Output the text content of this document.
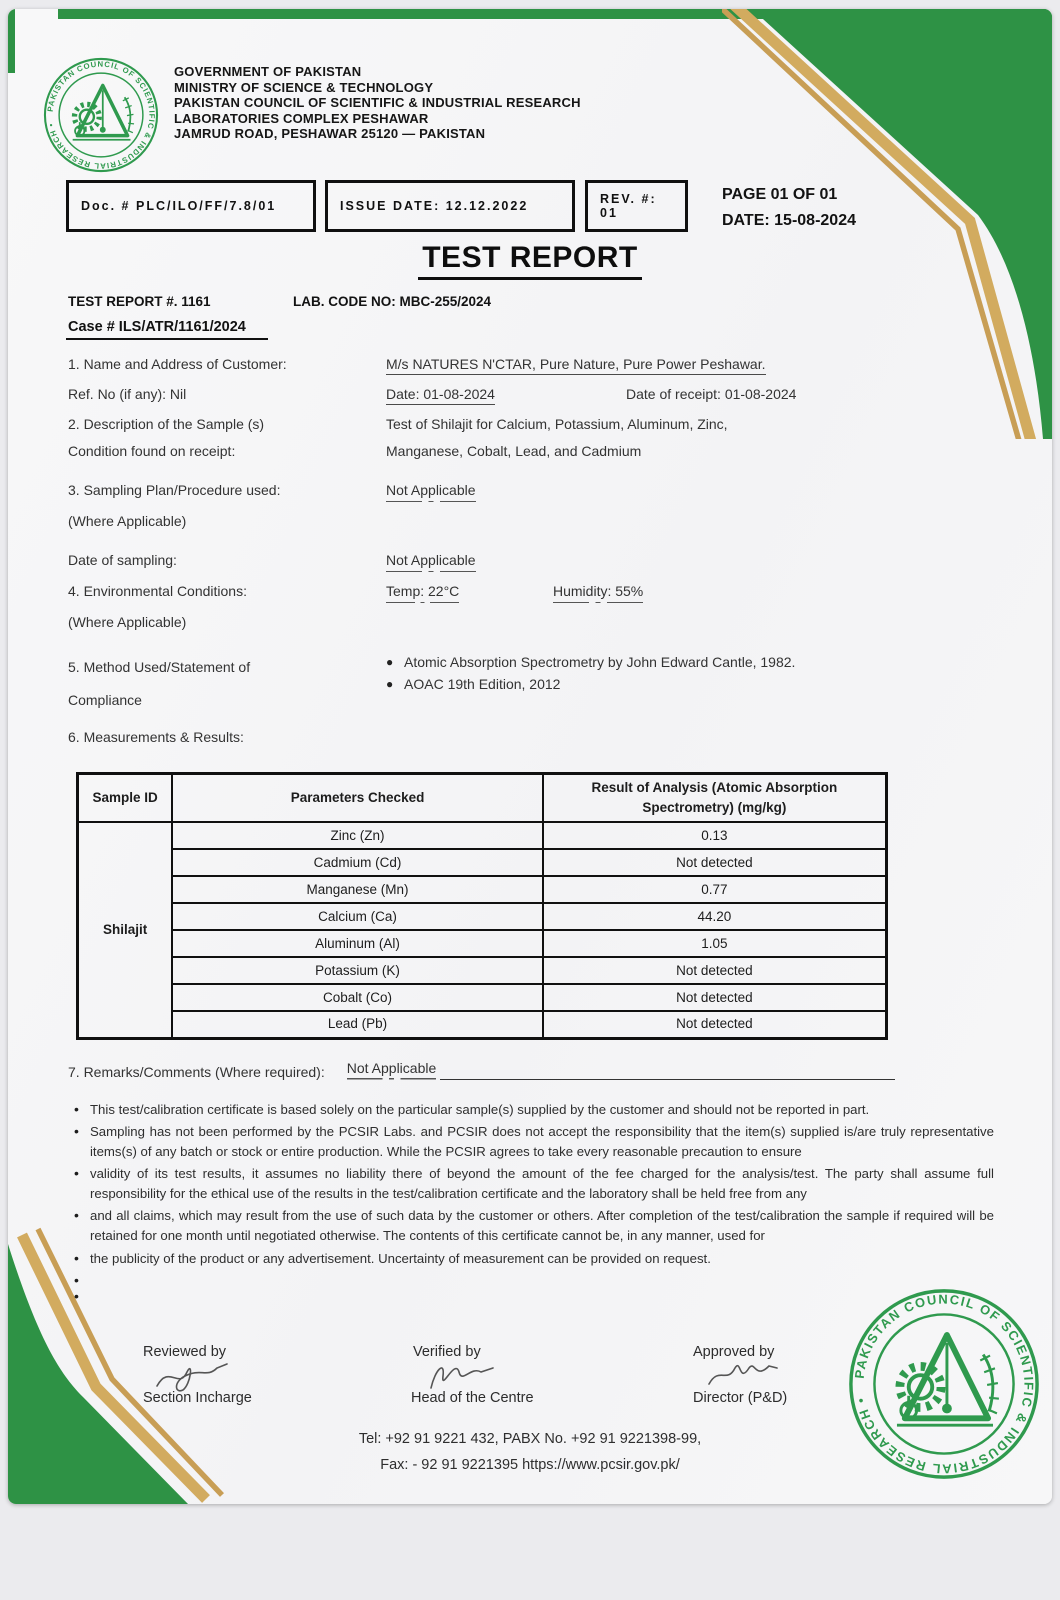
PAKISTAN COUNCIL OF SCIENTIFIC & INDUSTRIAL RESEARCH •
GOVERNMENT OF PAKISTAN
MINISTRY OF SCIENCE & TECHNOLOGY
PAKISTAN COUNCIL OF SCIENTIFIC & INDUSTRIAL RESEARCH
LABORATORIES COMPLEX PESHAWAR
JAMRUD ROAD, PESHAWAR 25120 — PAKISTAN
Doc. # PLC/ILO/FF/7.8/01	ISSUE DATE: 12.12.2022	REV. #: 01
PAGE 01 OF 01
DATE: 15-08-2024
TEST REPORT
TEST REPORT #. 1161	LAB. CODE NO: MBC-255/2024
Case # ILS/ATR/1161/2024
1. Name and Address of Customer:	M/s NATURES N'CTAR, Pure Nature, Pure Power Peshawar.
Ref. No (if any): Nil	Date: 01-08-2024	Date of receipt: 01-08-2024
2. Description of the Sample (s)	Test of Shilajit for Calcium, Potassium, Aluminum, Zinc,
Condition found on receipt:	Manganese, Cobalt, Lead, and Cadmium
3. Sampling Plan/Procedure used:	Not Applicable
(Where Applicable)
Date of sampling:	Not Applicable
4. Environmental Conditions:	Temp: 22°C	Humidity: 55%
(Where Applicable)
5. Method Used/Statement of
Compliance
● Atomic Absorption Spectrometry by John Edward Cantle, 1982.
● AOAC 19th Edition, 2012
6. Measurements & Results:
Sample ID	Parameters Checked	Result of Analysis (Atomic Absorption Spectrometry) (mg/kg)
Shilajit	Zinc (Zn)	0.13
	Cadmium (Cd)	Not detected
	Manganese (Mn)	0.77
	Calcium (Ca)	44.20
	Aluminum (Al)	1.05
	Potassium (K)	Not detected
	Cobalt (Co)	Not detected
	Lead (Pb)	Not detected
7. Remarks/Comments (Where required): Not Applicable
• This test/calibration certificate is based solely on the particular sample(s) supplied by the customer and should not be reported in part.
• Sampling has not been performed by the PCSIR Labs. and PCSIR does not accept the responsibility that the item(s) supplied is/are truly representative items(s) of any batch or stock or entire production. While the PCSIR agrees to take every reasonable precaution to ensure
• validity of its test results, it assumes no liability there of beyond the amount of the fee charged for the analysis/test. The party shall assume full responsibility for the ethical use of the results in the test/calibration certificate and the laboratory shall be held free from any
• and all claims, which may result from the use of such data by the customer or others. After completion of the test/calibration the sample if required will be retained for one month until negotiated otherwise. The contents of this certificate cannot be, in any manner, used for
• the publicity of the product or any advertisement. Uncertainty of measurement can be provided on request.
•
•
Reviewed by
Section Incharge
Verified by
Head of the Centre
Approved by
Director (P&D)
Tel: +92 91 9221 432, PABX No. +92 91 9221398-99,
Fax: - 92 91 9221395 https://www.pcsir.gov.pk/
PAKISTAN COUNCIL OF SCIENTIFIC & INDUSTRIAL RESEARCH •
